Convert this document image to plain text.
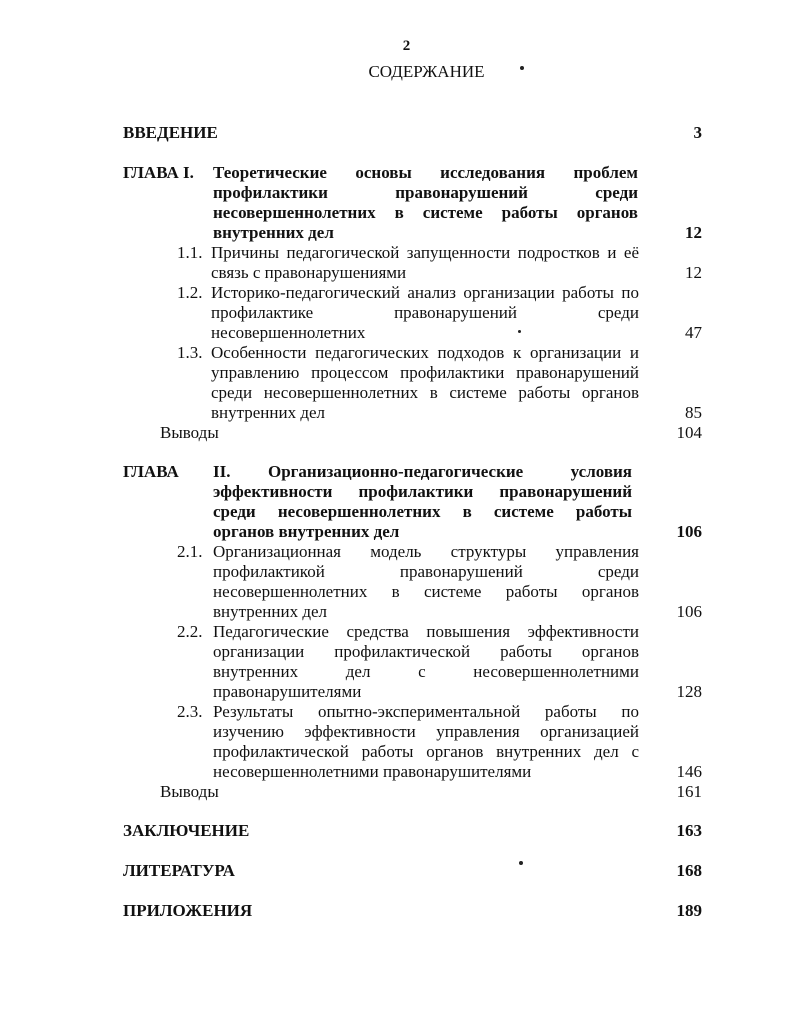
2
СОДЕРЖАНИЕ
ВВЕДЕНИЕ	3
ГЛАВА I. Теоретические основы исследования проблем
профилактики правонарушений среди
несовершеннолетних в системе работы органов
внутренних дел	12
1.1. Причины педагогической запущенности подростков и её
связь с правонарушениями	12
1.2. Историко-педагогический анализ организации работы по
профилактике правонарушений среди
несовершеннолетних	47
1.3. Особенности педагогических подходов к организации и
управлению процессом профилактики правонарушений
среди несовершеннолетних в системе работы органов
внутренних дел	85
Выводы	104
ГЛАВА II. Организационно-педагогические условия
эффективности профилактики правонарушений
среди несовершеннолетних в системе работы
органов внутренних дел	106
2.1. Организационная модель структуры управления
профилактикой правонарушений среди
несовершеннолетних в системе работы органов
внутренних дел	106
2.2. Педагогические средства повышения эффективности
организации профилактической работы органов
внутренних дел с несовершеннолетними
правонарушителями	128
2.3. Результаты опытно-экспериментальной работы по
изучению эффективности управления организацией
профилактической работы органов внутренних дел с
несовершеннолетними правонарушителями	146
Выводы	161
ЗАКЛЮЧЕНИЕ	163
ЛИТЕРАТУРА	168
ПРИЛОЖЕНИЯ	189
